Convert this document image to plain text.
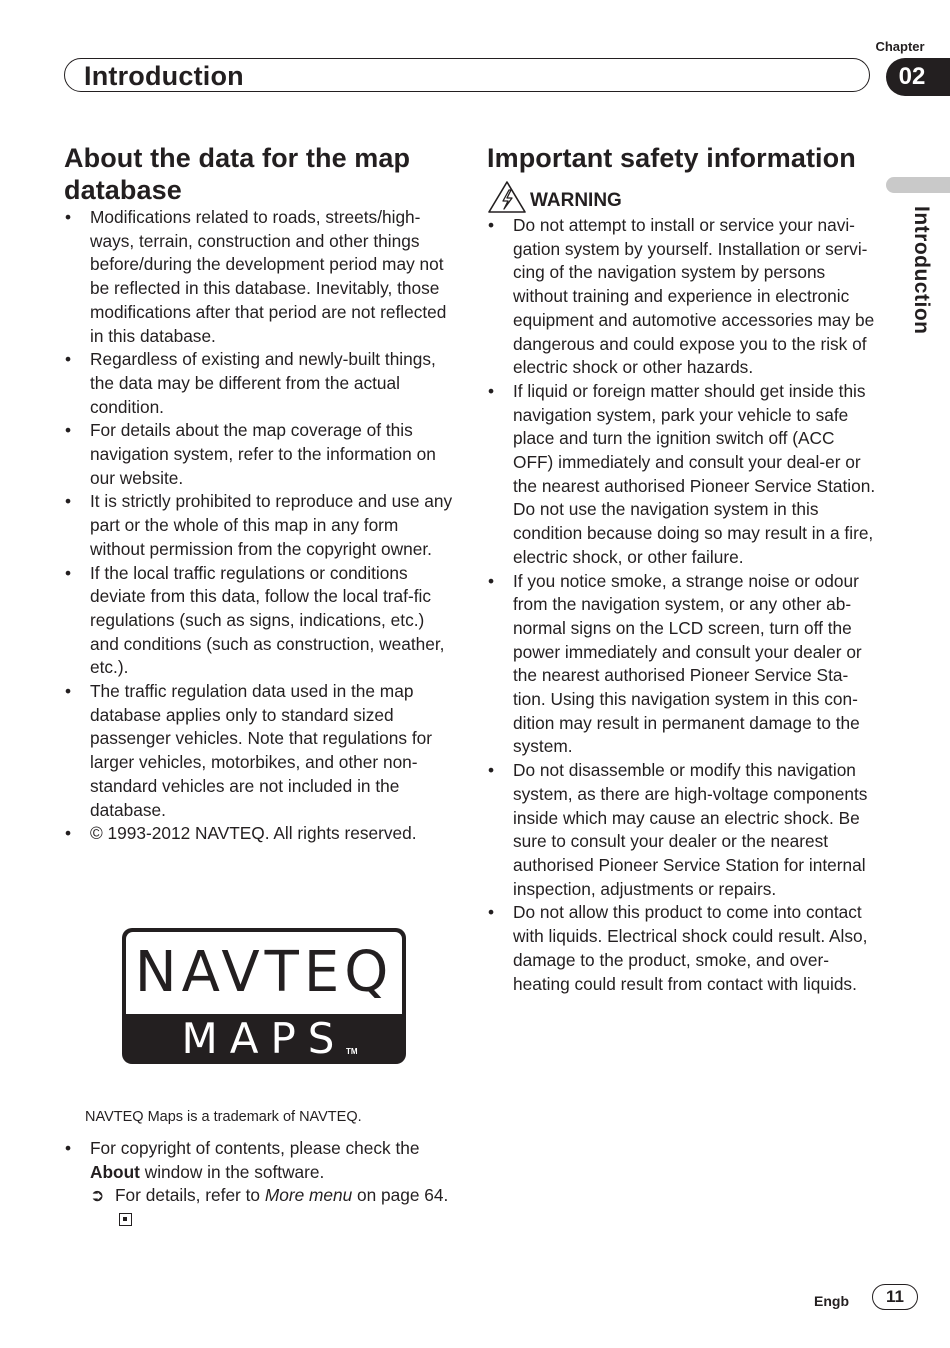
Introduction
Chapter
02
Introduction
About the data for the map database
• Modifications related to roads, streets/high-ways, terrain, construction and other things before/during the development period may not be reflected in this database. Inevitably, those modifications after that period are not reflected in this database.
• Regardless of existing and newly-built things, the data may be different from the actual condition.
• For details about the map coverage of this navigation system, refer to the information on our website.
• It is strictly prohibited to reproduce and use any part or the whole of this map in any form without permission from the copyright owner.
• If the local traffic regulations or conditions deviate from this data, follow the local traf-fic regulations (such as signs, indications, etc.) and conditions (such as construction, weather, etc.).
• The traffic regulation data used in the map database applies only to standard sized passenger vehicles. Note that regulations for larger vehicles, motorbikes, and other non-standard vehicles are not included in the database.
• © 1993-2012 NAVTEQ. All rights reserved.
NAVTEQ
MAPS TM
NAVTEQ Maps is a trademark of NAVTEQ.
• For copyright of contents, please check the About window in the software.
➲ For details, refer to More menu on page 64.
Important safety information
WARNING
• Do not attempt to install or service your navi-gation system by yourself. Installation or servi-cing of the navigation system by persons without training and experience in electronic equipment and automotive accessories may be dangerous and could expose you to the risk of electric shock or other hazards.
• If liquid or foreign matter should get inside this navigation system, park your vehicle to safe place and turn the ignition switch off (ACC OFF) immediately and consult your deal-er or the nearest authorised Pioneer Service Station. Do not use the navigation system in this condition because doing so may result in a fire, electric shock, or other failure.
• If you notice smoke, a strange noise or odour from the navigation system, or any other ab-normal signs on the LCD screen, turn off the power immediately and consult your dealer or the nearest authorised Pioneer Service Sta-tion. Using this navigation system in this con-dition may result in permanent damage to the system.
• Do not disassemble or modify this navigation system, as there are high-voltage components inside which may cause an electric shock. Be sure to consult your dealer or the nearest authorised Pioneer Service Station for internal inspection, adjustments or repairs.
• Do not allow this product to come into contact with liquids. Electrical shock could result. Also, damage to the product, smoke, and over-heating could result from contact with liquids.
Engb	11
